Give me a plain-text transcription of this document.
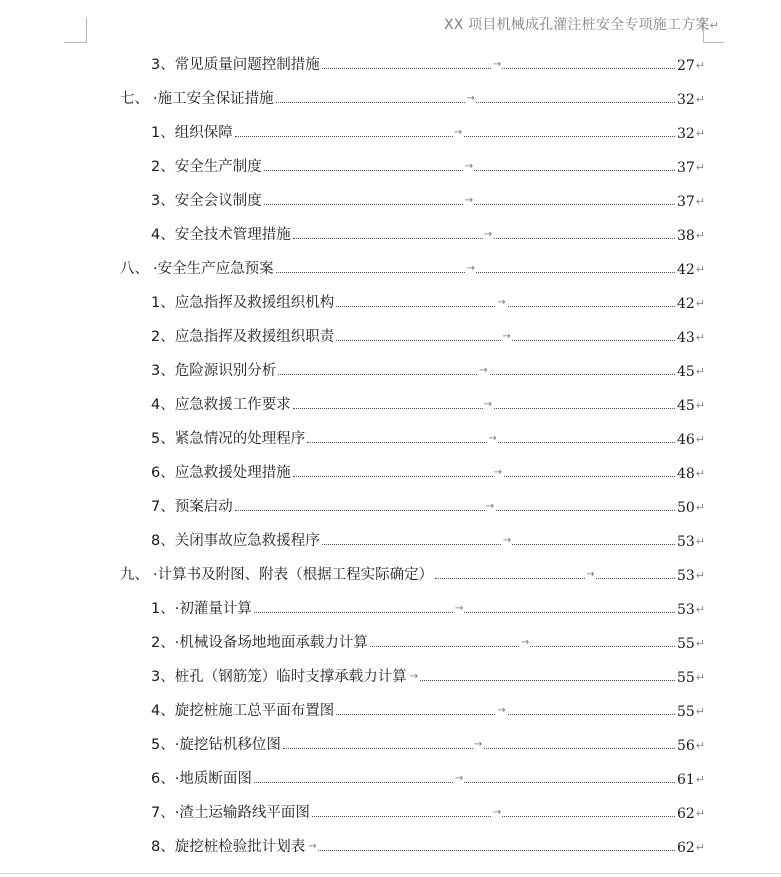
XX 项目机械成孔灌注桩安全专项施工方案↵
3、 常见质量问题控制措施	→	27 ↵
七、 ·施工安全保证措施	→	32 ↵
1、 组织保障	→	32 ↵
2、 安全生产制度	→	37 ↵
3、 安全会议制度	→	37 ↵
4、 安全技术管理措施	→	38 ↵
八、 ·安全生产应急预案	→	42 ↵
1、 应急指挥及救援组织机构	→	42 ↵
2、 应急指挥及救援组织职责	→	43 ↵
3、 危险源识别分析	→	45 ↵
4、 应急救援工作要求	→	45 ↵
5、 紧急情况的处理程序	→	46 ↵
6、 应急救援处理措施	→	48 ↵
7、 预案启动	→	50 ↵
8、 关闭事故应急救援程序	→	53 ↵
九、 ·计算书及附图、附表（根据工程实际确定）	→	53 ↵
1、 ·初灌量计算	→	53 ↵
2、 ·机械设备场地地面承载力计算	→	55 ↵
3、 桩孔（钢筋笼）临时支撑承载力计算 →	55 ↵
4、 旋挖桩施工总平面布置图	→	55 ↵
5、 ·旋挖钻机移位图	→	56 ↵
6、 ·地质断面图	→	61 ↵
7、 ·渣土运输路线平面图	→	62 ↵
8、 旋挖桩检验批计划表 →	62 ↵
